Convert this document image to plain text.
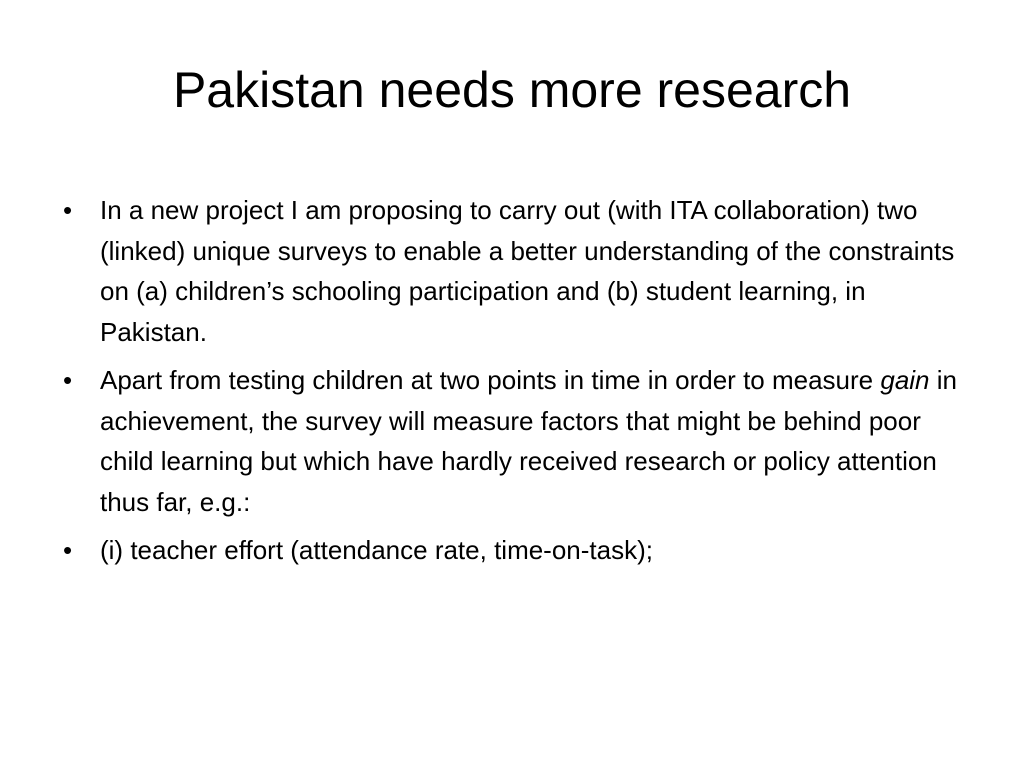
Pakistan needs more research
• In a new project I am proposing to carry out (with ITA collaboration) two (linked) unique surveys to enable a better understanding of the constraints on (a) children’s schooling participation and (b) student learning, in Pakistan.
• Apart from testing children at two points in time in order to measure gain in achievement, the survey will measure factors that might be behind poor child learning but which have hardly received research or policy attention thus far, e.g.:
• (i) teacher effort (attendance rate, time-on-task);
